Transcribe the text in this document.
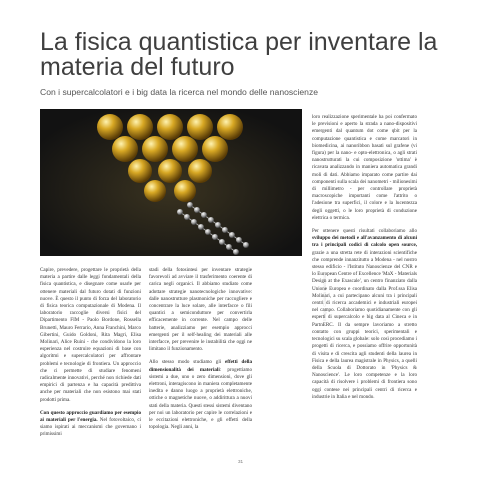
La fisica quantistica per inventare la materia del futuro
Con i supercalcolatori e i big data la ricerca nel mondo delle nanoscienze
Image: Claudia Cardoso

Capire, prevedere, progettare le proprietà della materia a partire dalle leggi fondamentali della fisica quantistica, e disegnare come usarle per ottenere materiali dal futuro dotati di funzioni nuove. È questo il punto di forza del laboratorio di fisica teorica computazionale di Modena. Il laboratorio raccoglie diversi fisici del Dipartimento FIM - Paolo Bordone, Rossella Brunetti, Mauro Ferrario, Anna Franchini, Marco Gibertini, Guido Goldoni, Rita Magri, Elisa Molinari, Alice Ruini - che condividono la loro esperienza nel costruire equazioni di base con algoritmi e supercalcolatori per affrontare problemi e tecnologie di frontiera. Un approccio che ci permette di studiare fenomeni radicalmente innovativi, perché non richiede dati empirici di partenza e ha capacità predittiva anche per materiali che non esistono mai stati prodotti prima.

Con questo approccio guardiamo per esempio ai materiali per l'energia. Nel fotovoltaico, ci siamo ispirati ai meccanismi che governano i primissimi

stadi della fotosintesi per inventare strategie favorevoli ad avviare il trasferimento coerente di carica negli organici. Il abbiamo studiato come adottare strategie nanotecnologiche innovative: dalle nanostrutture plasmoniche per raccogliere e concentrare la luce solare, alle interfacce o fili quantici a semiconduttore per convertirla efficacemente in corrente. Nel campo delle batterie, analizziamo per esempio approcci emergenti per il self-healing dei materiali alle interfacce, per prevenire le instabilità che oggi ne limitano il funzionamento.

Allo stesso modo studiamo gli effetti della dimensionalità dei materiali: progettiamo sistemi a due, uno o zero dimensioni, dove gli elettroni, interagiscono in maniera completamente inedita e danno luogo a proprietà elettroniche, ottiche o magnetiche nuove, o addirittura a nuovi stati della materia. Questi stessi sistemi diventano per noi un laboratorio per capire le correlazioni e le eccitazioni elettroniche, e gli effetti della topologia. Negli anni, la

loro realizzazione sperimentale ha poi confermato le previsioni e aperto la strada a nano-dispositivi emergenti dal quantum dot come qbit per la computazione quantistica e come marcatori in biomedicina, ai nanoribbon basati sul grafene (vi figura) per la nano- e opto-elettronica, o agli strati nanostrutturati la cui composizione 'ottima' è ricavata analizzando in maniera automatica grandi moli di dati. Abbiamo imparato come partire dai componenti sulla scala dei nanometri - milionesimi di millimetro - per controllare proprietà macroscopiche importanti come l'attrito o l'adesione tra superfici, il colore e la lucentezza degli oggetti, o le loro proprietà di conduzione elettrica o termica.

Per ottenere questi risultati collaboriamo allo sviluppo dei metodi e all'avanzamento di alcuni tra i principali codici di calcolo open source, grazie a una stretta rete di interazioni scientifiche che comprende innanzitutto a Modena - nel nostro stesso edificio - l'Istituto Nanoscienze del CNR e lo European Centre of Excellence 'MaX - Materials Design at the Exascale', un centro finanziato dalla Unione Europea e coordinato dalla Prof.ssa Elisa Molinari, a cui partecipano alcuni tra i principali centri di ricerca accademici e industriali europei nel campo. Collaboriamo quotidianamente con gli esperti di supercalcolo e big data al Cineca e in PartnERC. Il da sempre lavoriamo a stretto contatto con gruppi teorici, sperimentali e tecnologici su scala globale: solo così procediamo i progetti di ricerca, e possiamo offrire opportunità di visita e di crescita agli studenti della laurea in Fisica e della laurea magistrale in Physics, a quelli della Scuola di Dottorato in 'Physics & Nanoscience'. Le loro competenze e la loro capacità di risolvere i problemi di frontiera sono oggi contese nei principali centri di ricerca e industrie in Italia e nel mondo.

31
